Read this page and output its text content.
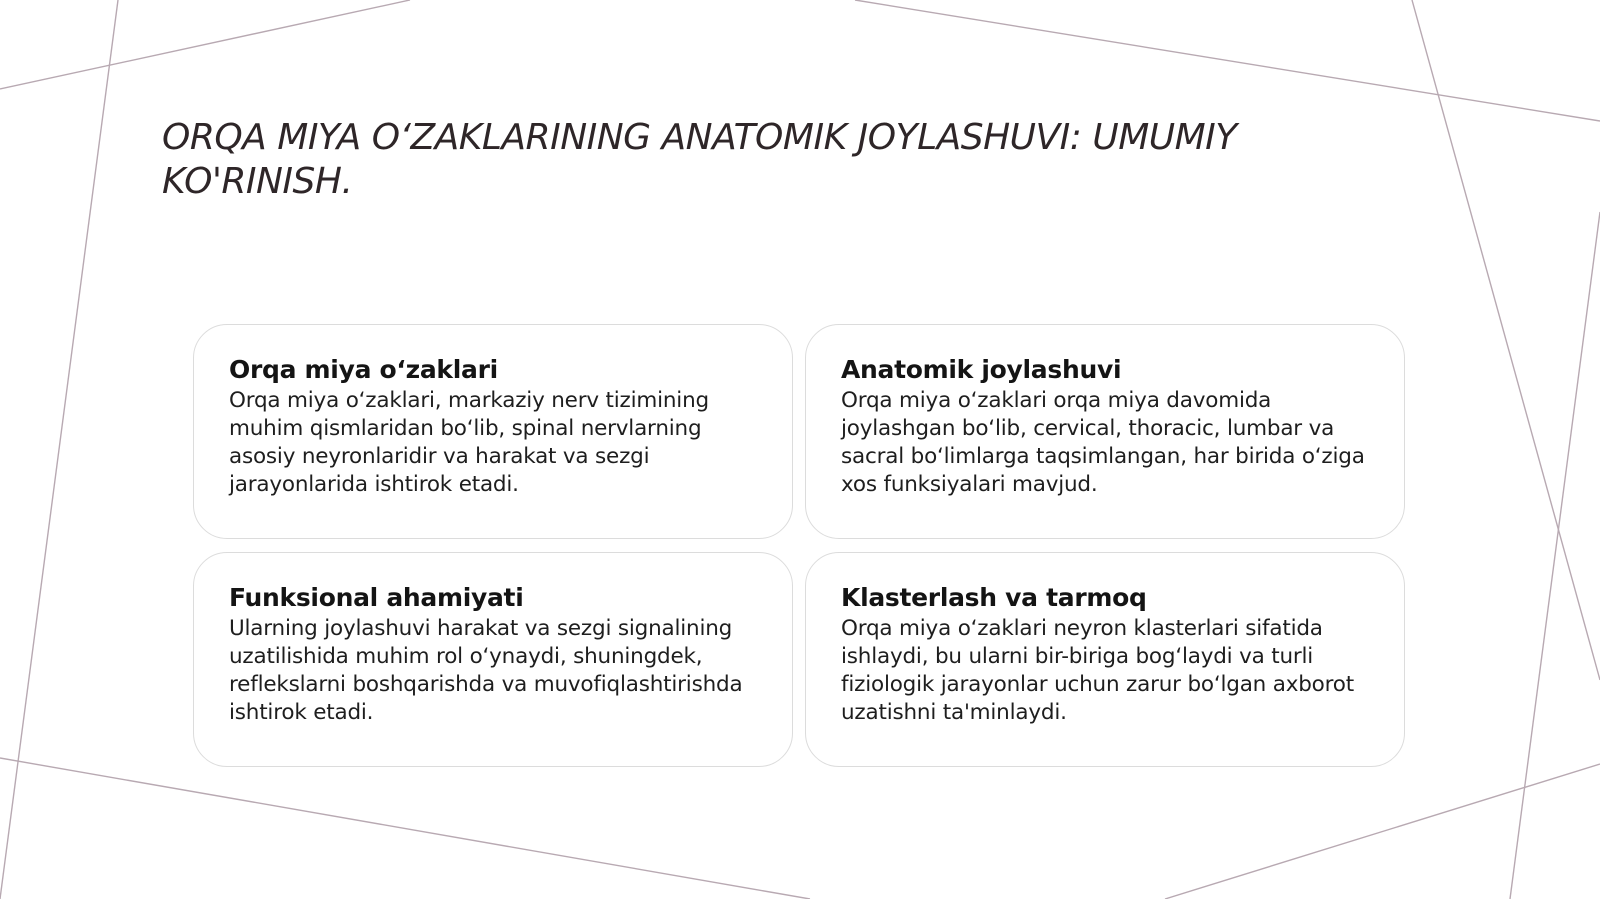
ORQA MIYA O‘ZAKLARINING ANATOMIK JOYLASHUVI: UMUMIY KO'RINISH.
Orqa miya o‘zaklari

Orqa miya o‘zaklari, markaziy nerv tizimining muhim qismlaridan bo‘lib, spinal nervlarning asosiy neyronlaridir va harakat va sezgi jarayonlarida ishtirok etadi.

Anatomik joylashuvi

Orqa miya o‘zaklari orqa miya davomida joylashgan bo‘lib, cervical, thoracic, lumbar va sacral bo‘limlarga taqsimlangan, har birida o‘ziga xos funksiyalari mavjud.

Funksional ahamiyati

Ularning joylashuvi harakat va sezgi signalining uzatilishida muhim rol o‘ynaydi, shuningdek, reflekslarni boshqarishda va muvofiqlashtirishda ishtirok etadi.

Klasterlash va tarmoq

Orqa miya o‘zaklari neyron klasterlari sifatida ishlaydi, bu ularni bir-biriga bog‘laydi va turli fiziologik jarayonlar uchun zarur bo‘lgan axborot uzatishni ta'minlaydi.
